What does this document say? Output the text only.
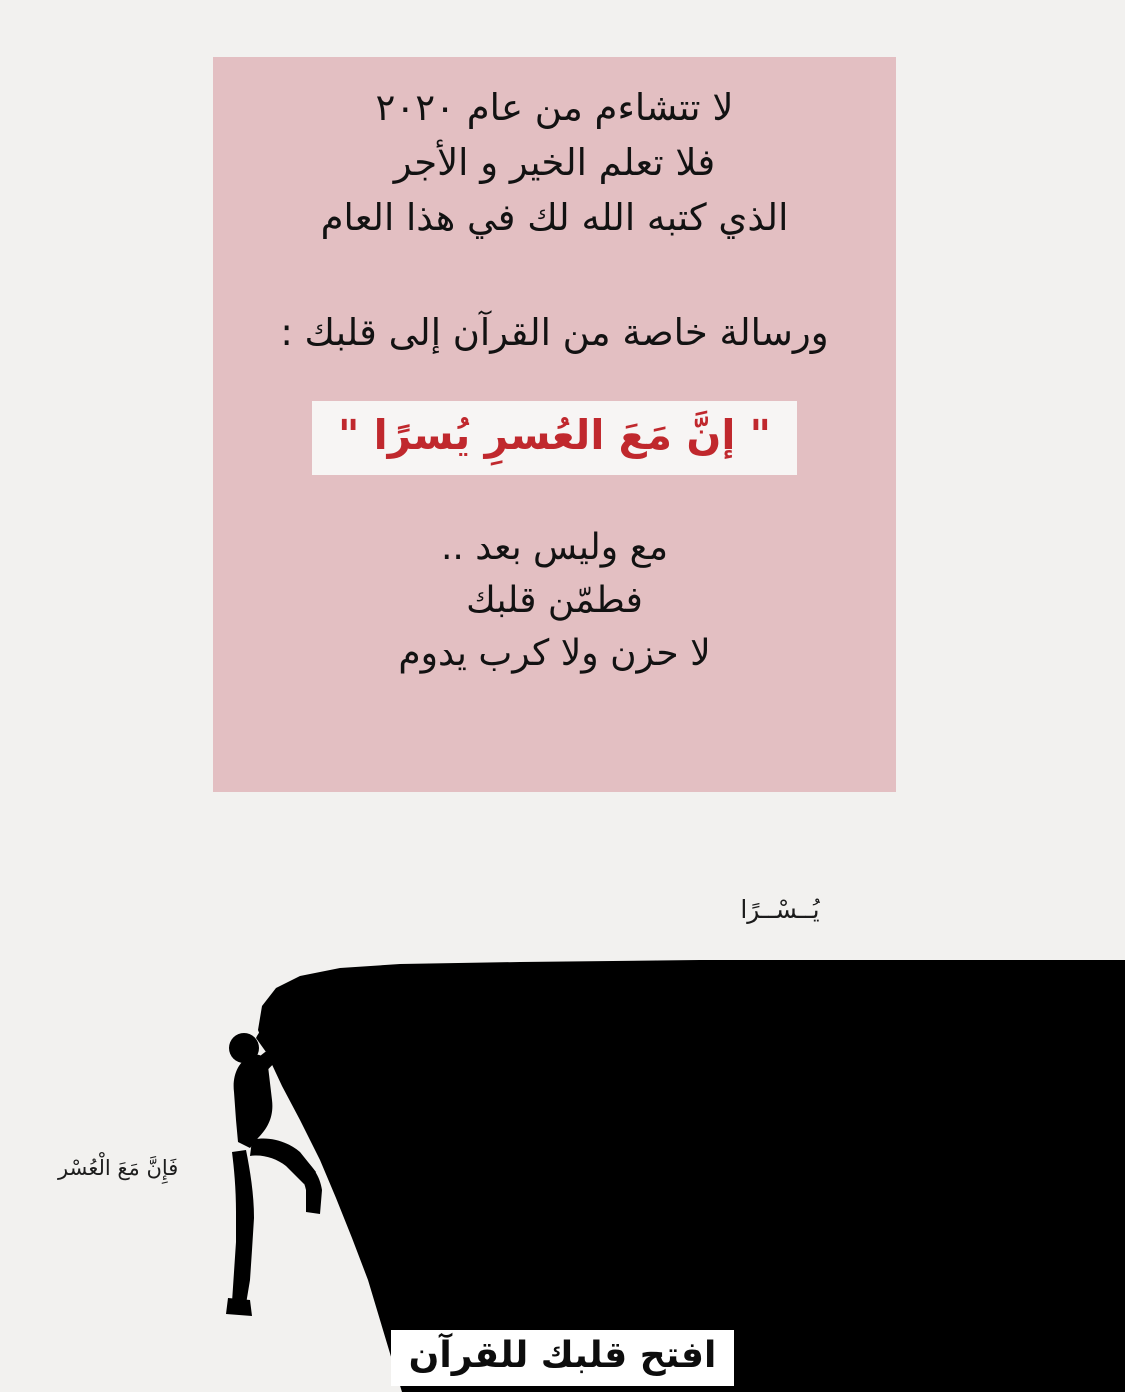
لا تتشاءم من عام ٢٠٢٠
فلا تعلم الخير و الأجر
الذي كتبه الله لك في هذا العام
ورسالة خاصة من القرآن إلى قلبك :
" إنَّ مَعَ العُسرِ يُسرًا "
مع وليس بعد ..
فطمّن قلبك
لا حزن ولا كرب يدوم
يُــسْــرًا
فَإِنَّ مَعَ الْعُسْر
افتح قلبك للقرآن
